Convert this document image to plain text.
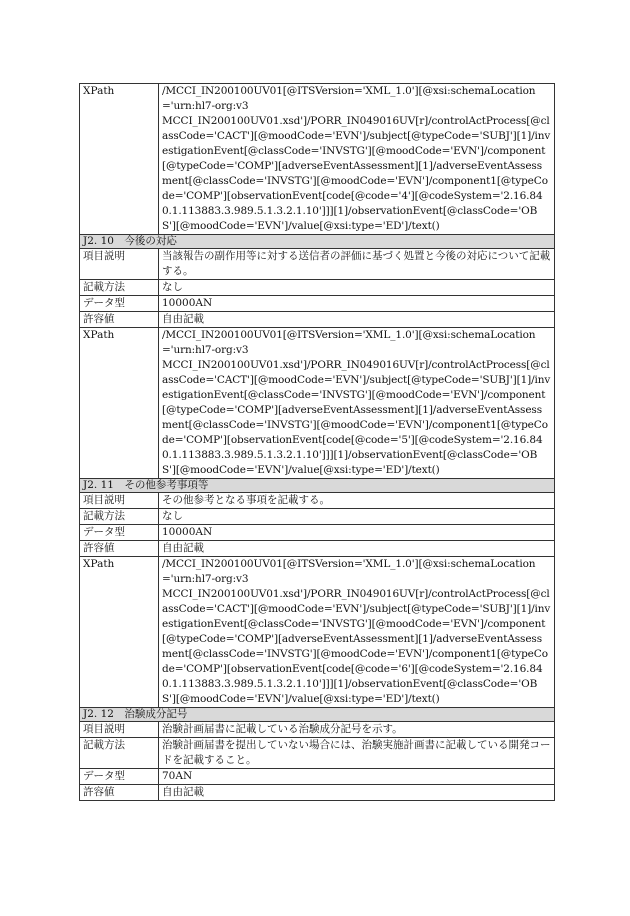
XPath	/MCCI_IN200100UV01[@ITSVersion='XML_1.0'][@xsi:schemaLocation='urn:hl7-org:v3
MCCI_IN200100UV01.xsd']/PORR_IN049016UV[r]/controlActProcess[@classCode='CACT'][@moodCode='EVN']/subject[@typeCode='SUBJ'][1]/investigationEvent[@classCode='INVSTG'][@moodCode='EVN']/component[@typeCode='COMP'][adverseEventAssessment][1]/adverseEventAssessment[@classCode='INVSTG'][@moodCode='EVN']/component1[@typeCode='COMP'][observationEvent[code[@code='4'][@codeSystem='2.16.840.1.113883.3.989.5.1.3.2.1.10']]][1]/observationEvent[@classCode='OBS'][@moodCode='EVN']/value[@xsi:type='ED']/text()
J2. 10　今後の対応	
項目説明	当該報告の副作用等に対する送信者の評価に基づく処置と今後の対応について記載する。
記載方法	なし
データ型	10000AN
許容値	自由記載
XPath	/MCCI_IN200100UV01[@ITSVersion='XML_1.0'][@xsi:schemaLocation='urn:hl7-org:v3
MCCI_IN200100UV01.xsd']/PORR_IN049016UV[r]/controlActProcess[@classCode='CACT'][@moodCode='EVN']/subject[@typeCode='SUBJ'][1]/investigationEvent[@classCode='INVSTG'][@moodCode='EVN']/component[@typeCode='COMP'][adverseEventAssessment][1]/adverseEventAssessment[@classCode='INVSTG'][@moodCode='EVN']/component1[@typeCode='COMP'][observationEvent[code[@code='5'][@codeSystem='2.16.840.1.113883.3.989.5.1.3.2.1.10']]][1]/observationEvent[@classCode='OBS'][@moodCode='EVN']/value[@xsi:type='ED']/text()
J2. 11　その他参考事項等	
項目説明	その他参考となる事項を記載する。
記載方法	なし
データ型	10000AN
許容値	自由記載
XPath	/MCCI_IN200100UV01[@ITSVersion='XML_1.0'][@xsi:schemaLocation='urn:hl7-org:v3
MCCI_IN200100UV01.xsd']/PORR_IN049016UV[r]/controlActProcess[@classCode='CACT'][@moodCode='EVN']/subject[@typeCode='SUBJ'][1]/investigationEvent[@classCode='INVSTG'][@moodCode='EVN']/component[@typeCode='COMP'][adverseEventAssessment][1]/adverseEventAssessment[@classCode='INVSTG'][@moodCode='EVN']/component1[@typeCode='COMP'][observationEvent[code[@code='6'][@codeSystem='2.16.840.1.113883.3.989.5.1.3.2.1.10']]][1]/observationEvent[@classCode='OBS'][@moodCode='EVN']/value[@xsi:type='ED']/text()
J2. 12　治験成分記号	
項目説明	治験計画届書に記載している治験成分記号を示す。
記載方法	治験計画届書を提出していない場合には、治験実施計画書に記載している開発コードを記載すること。
データ型	70AN
許容値	自由記載
